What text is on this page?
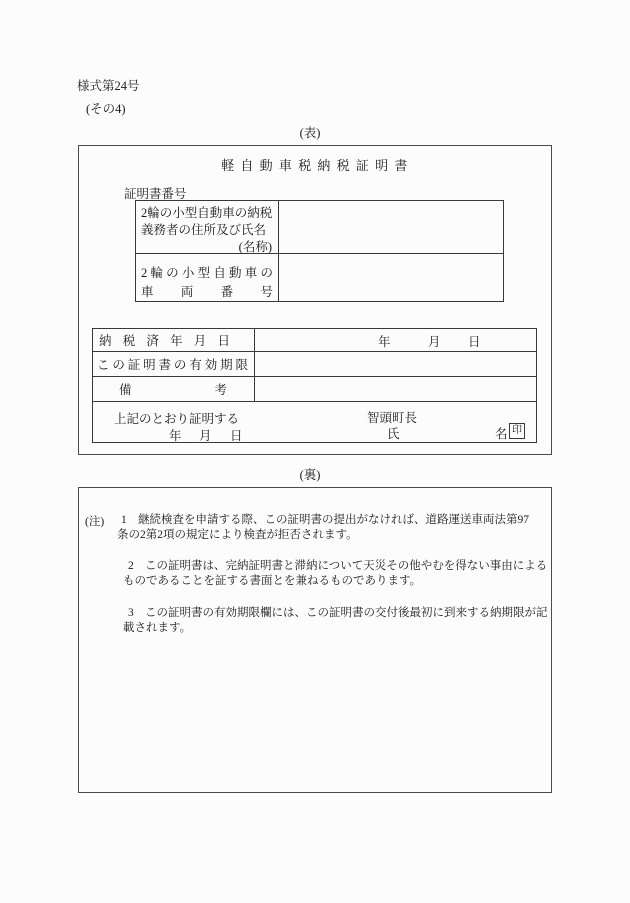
様式第24号
(その4)
(表)
軽 自 動 車 税 納 税 証 明 書
証明書番号
2輪の小型自動車の納税
義務者の住所及び氏名
(名称)
2輪の小型自動車の
車両番号
納税済年月日	年	月 日
この証明書の有効期限
備考
上記のとおり証明する	智頭町長
年 月 日	氏	名 印
(裏)
(注) 1 継続検査を申請する際、この証明書の提出がなければ、道路運送車両法第97
条の2第2項の規定により検査が拒否されます。
2 この証明書は、完納証明書と滞納について天災その他やむを得ない事由による
ものであることを証する書面とを兼ねるものであります。
3 この証明書の有効期限欄には、この証明書の交付後最初に到来する納期限が記
載されます。
